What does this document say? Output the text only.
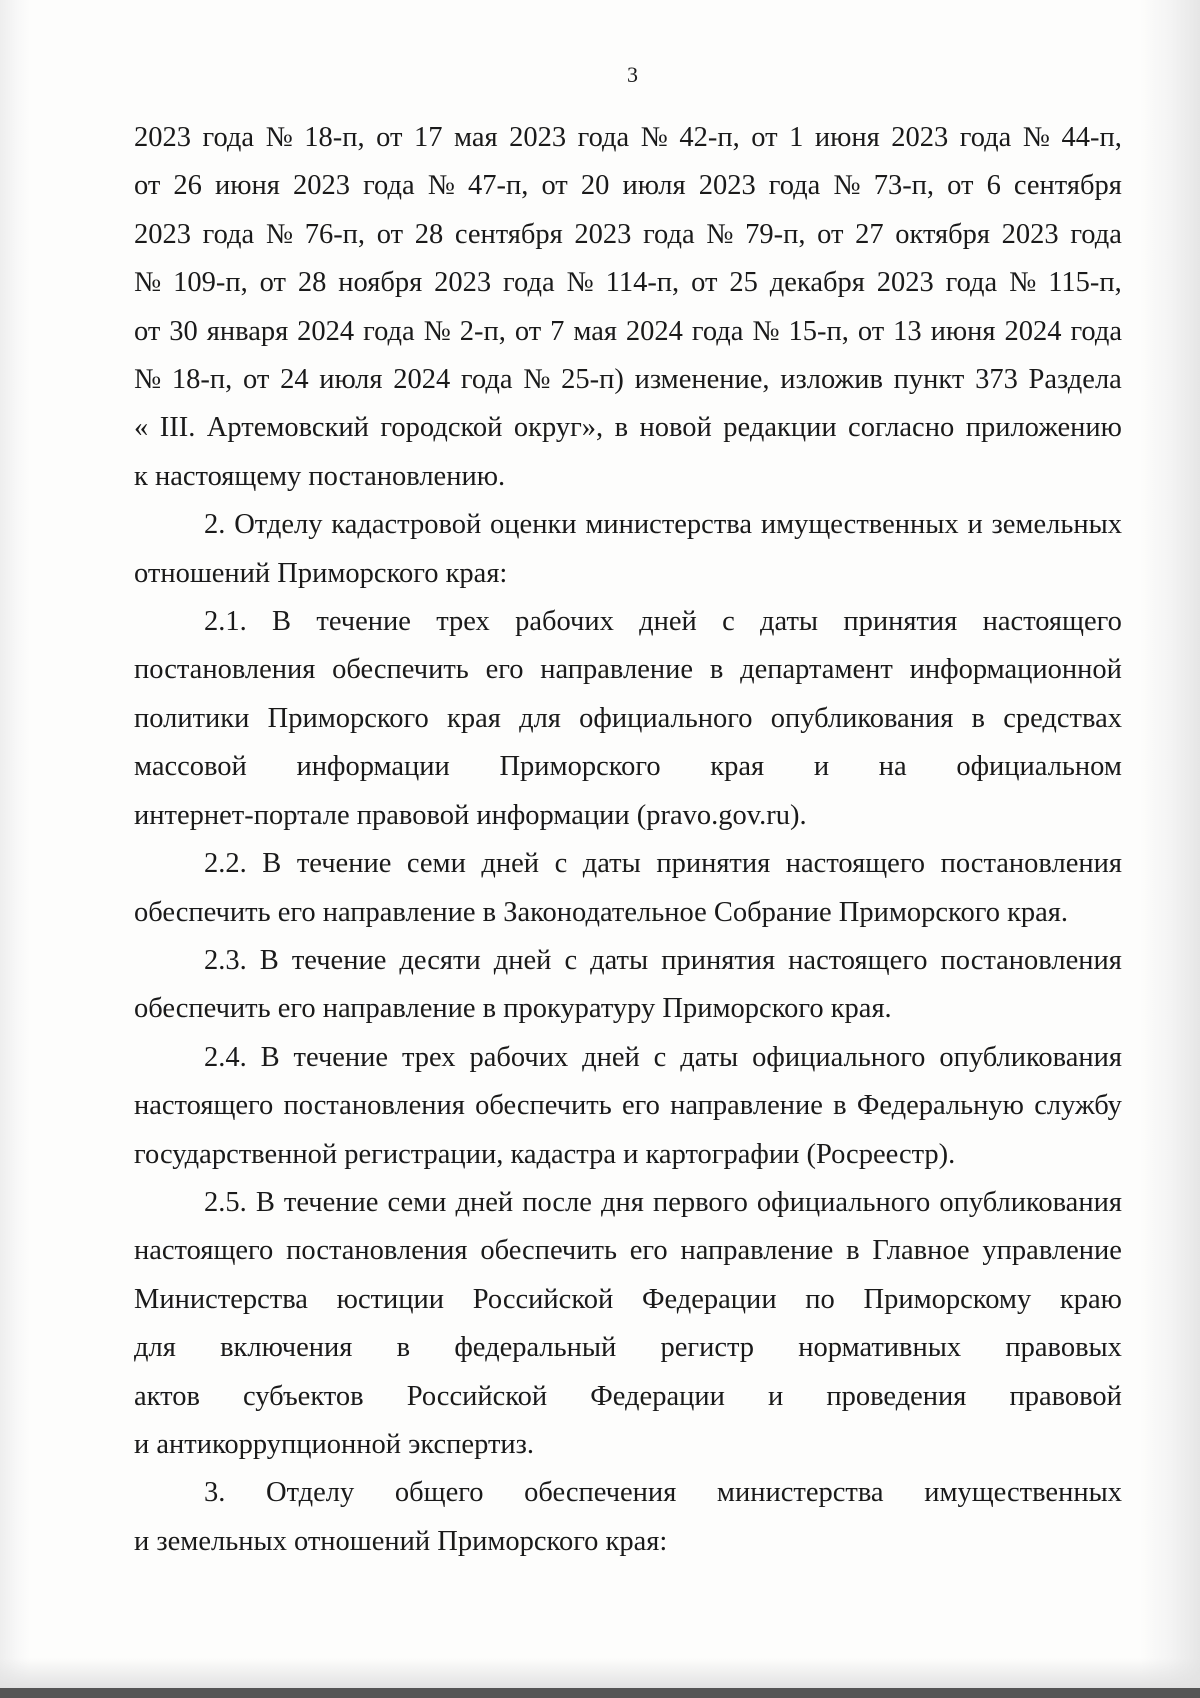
3
2023 года № 18-п, от 17 мая 2023 года № 42-п, от 1 июня 2023 года № 44-п,
от 26 июня 2023 года № 47-п, от 20 июля 2023 года № 73-п, от 6 сентября
2023 года № 76-п, от 28 сентября 2023 года № 79-п, от 27 октября 2023 года
№ 109-п, от 28 ноября 2023 года № 114-п, от 25 декабря 2023 года № 115-п,
от 30 января 2024 года № 2-п, от 7 мая 2024 года № 15-п, от 13 июня 2024 года
№ 18-п, от 24 июля 2024 года № 25-п) изменение, изложив пункт 373 Раздела
« III. Артемовский городской округ», в новой редакции согласно приложению
к настоящему постановлению.
2. Отделу кадастровой оценки министерства имущественных и земельных
отношений Приморского края:
2.1. В течение трех рабочих дней с даты принятия настоящего
постановления обеспечить его направление в департамент информационной
политики Приморского края для официального опубликования в средствах
массовой информации Приморского края и на официальном
интернет-портале правовой информации (pravo.gov.ru).
2.2. В течение семи дней с даты принятия настоящего постановления
обеспечить его направление в Законодательное Собрание Приморского края.
2.3. В течение десяти дней с даты принятия настоящего постановления
обеспечить его направление в прокуратуру Приморского края.
2.4. В течение трех рабочих дней с даты официального опубликования
настоящего постановления обеспечить его направление в Федеральную службу
государственной регистрации, кадастра и картографии (Росреестр).
2.5. В течение семи дней после дня первого официального опубликования
настоящего постановления обеспечить его направление в Главное управление
Министерства юстиции Российской Федерации по Приморскому краю
для включения в федеральный регистр нормативных правовых
актов субъектов Российской Федерации и проведения правовой
и антикоррупционной экспертиз.
3. Отделу общего обеспечения министерства имущественных
и земельных отношений Приморского края:
